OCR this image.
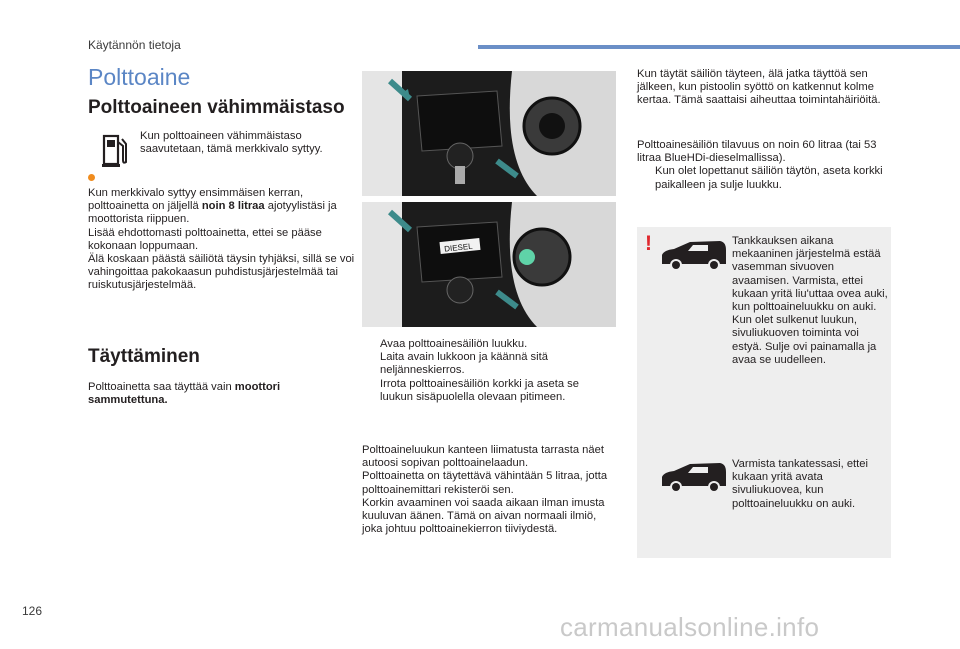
Käytännön tietoja
Polttoaine
Polttoaineen vähimmäistaso
Kun polttoaineen vähimmäistaso saavutetaan, tämä merkkivalo syttyy.
Kun merkkivalo syttyy ensimmäisen kerran, polttoainetta on jäljellä noin 8 litraa ajotyylistäsi ja moottorista riippuen.
Lisää ehdottomasti polttoainetta, ettei se pääse kokonaan loppumaan.
Älä koskaan päästä säiliötä täysin tyhjäksi, sillä se voi vahingoittaa pakokaasun puhdistusjärjestelmää tai ruiskutusjärjestelmää.
Täyttäminen
Polttoainetta saa täyttää vain moottori sammutettuna.
DIESEL
Avaa polttoainesäiliön luukku.
Laita avain lukkoon ja käännä sitä neljänneskierros.
Irrota polttoainesäiliön korkki ja aseta se luukun sisäpuolella olevaan pitimeen.
Polttoaineluukun kanteen liimatusta tarrasta näet autoosi sopivan polttoainelaadun.
Polttoainetta on täytettävä vähintään 5 litraa, jotta polttoainemittari rekisteröi sen.
Korkin avaaminen voi saada aikaan ilman imusta kuuluvan äänen. Tämä on aivan normaali ilmiö, joka johtuu polttoainekierron tiiviydestä.
Kun täytät säiliön täyteen, älä jatka täyttöä sen jälkeen, kun pistoolin syöttö on katkennut kolme kertaa. Tämä saattaisi aiheuttaa toimintahäiriöitä.
Polttoainesäiliön tilavuus on noin 60 litraa (tai 53 litraa BlueHDi-dieselmallissa).
Kun olet lopettanut säiliön täytön, aseta korkki paikalleen ja sulje luukku.
!	Tankkauksen aikana mekaaninen järjestelmä estää vasemman sivuoven avaamisen. Varmista, ettei kukaan yritä liu'uttaa ovea auki, kun polttoaineluukku on auki.
Kun olet sulkenut luukun, sivuliukuoven toiminta voi estyä. Sulje ovi painamalla ja avaa se uudelleen.
Varmista tankatessasi, ettei kukaan yritä avata sivuliukuovea, kun polttoaineluukku on auki.
126
carmanualsonline.info
